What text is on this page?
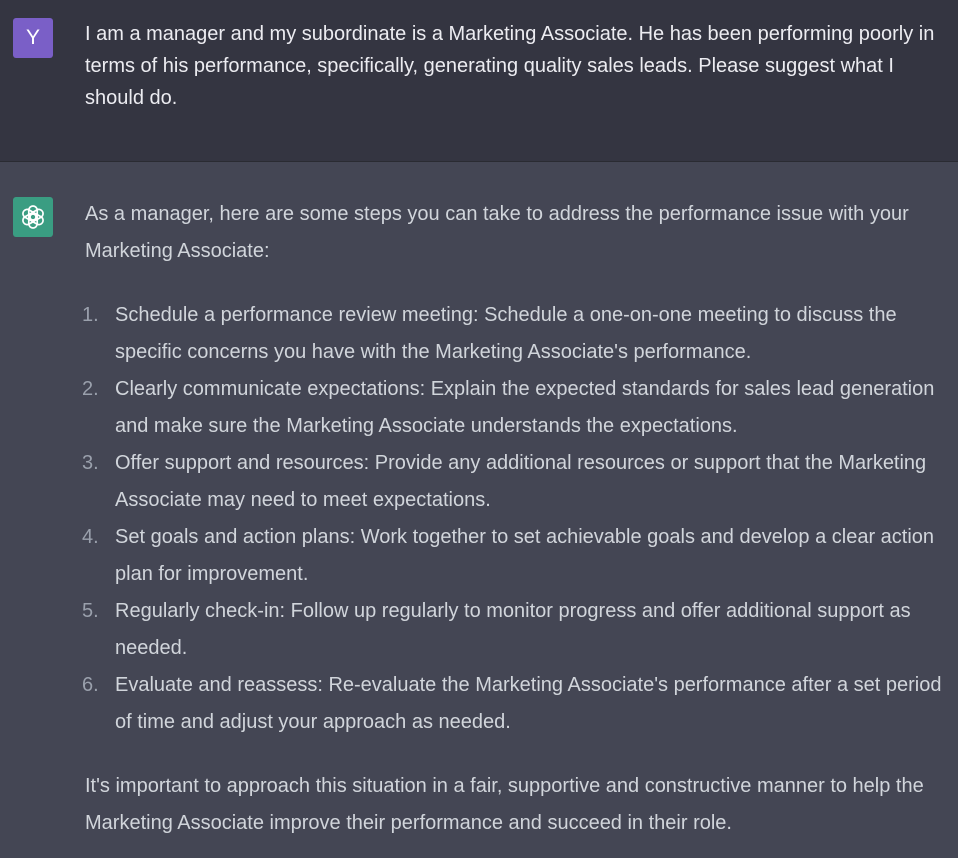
Y	I am a manager and my subordinate is a Marketing Associate. He has been performing poorly in terms of his performance, specifically, generating quality sales leads. Please suggest what I should do.

As a manager, here are some steps you can take to address the performance issue with your Marketing Associate:

1. Schedule a performance review meeting: Schedule a one-on-one meeting to discuss the specific concerns you have with the Marketing Associate's performance.
2. Clearly communicate expectations: Explain the expected standards for sales lead generation and make sure the Marketing Associate understands the expectations.
3. Offer support and resources: Provide any additional resources or support that the Marketing Associate may need to meet expectations.
4. Set goals and action plans: Work together to set achievable goals and develop a clear action plan for improvement.
5. Regularly check-in: Follow up regularly to monitor progress and offer additional support as needed.
6. Evaluate and reassess: Re-evaluate the Marketing Associate's performance after a set period of time and adjust your approach as needed.

It's important to approach this situation in a fair, supportive and constructive manner to help the Marketing Associate improve their performance and succeed in their role.
